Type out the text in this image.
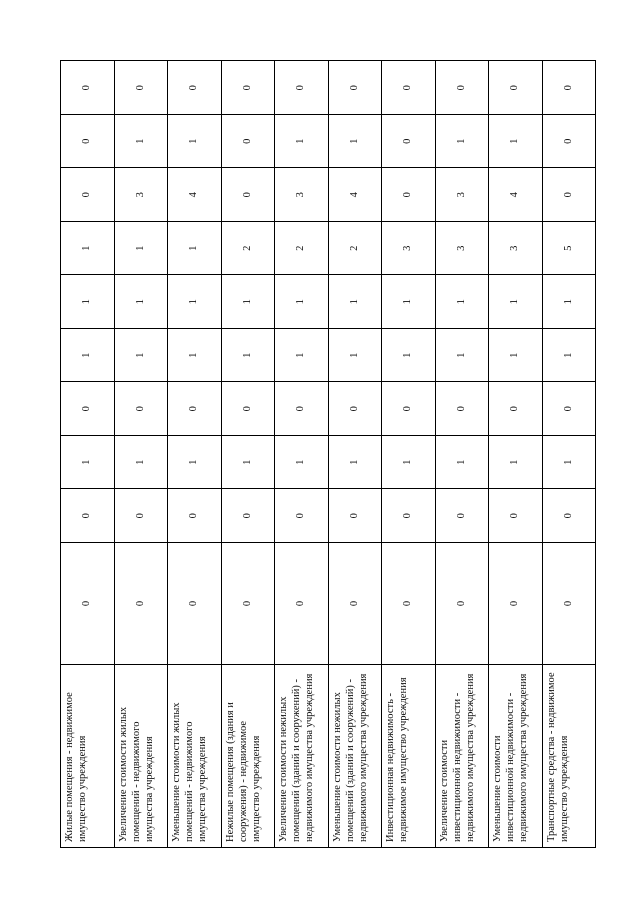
Жилые помещения - недвижимое имущество учреждения	0	0	1	0	1	1	1	0	0	0
Увеличение стоимости жилых помещений - недвижимого имущества учреждения	0	0	1	0	1	1	1	3	1	0
Уменьшение стоимости жилых помещений - недвижимого имущества учреждения	0	0	1	0	1	1	1	4	1	0
Нежилые помещения (здания и сооружения) - недвижимое имущество учреждения	0	0	1	0	1	1	2	0	0	0
Увеличение стоимости нежилых помещений (зданий и сооружений) - недвижимого имущества учреждения	0	0	1	0	1	1	2	3	1	0
Уменьшение стоимости нежилых помещений (зданий и сооружений) - недвижимого имущества учреждения	0	0	1	0	1	1	2	4	1	0
Инвестиционная недвижимость - недвижимое имущество учреждения	0	0	1	0	1	1	3	0	0	0
Увеличение стоимости инвестиционной недвижимости - недвижимого имущества учреждения	0	0	1	0	1	1	3	3	1	0
Уменьшение стоимости инвестиционной недвижимости - недвижимого имущества учреждения	0	0	1	0	1	1	3	4	1	0
Транспортные средства - недвижимое имущество учреждения	0	0	1	0	1	1	5	0	0	0
